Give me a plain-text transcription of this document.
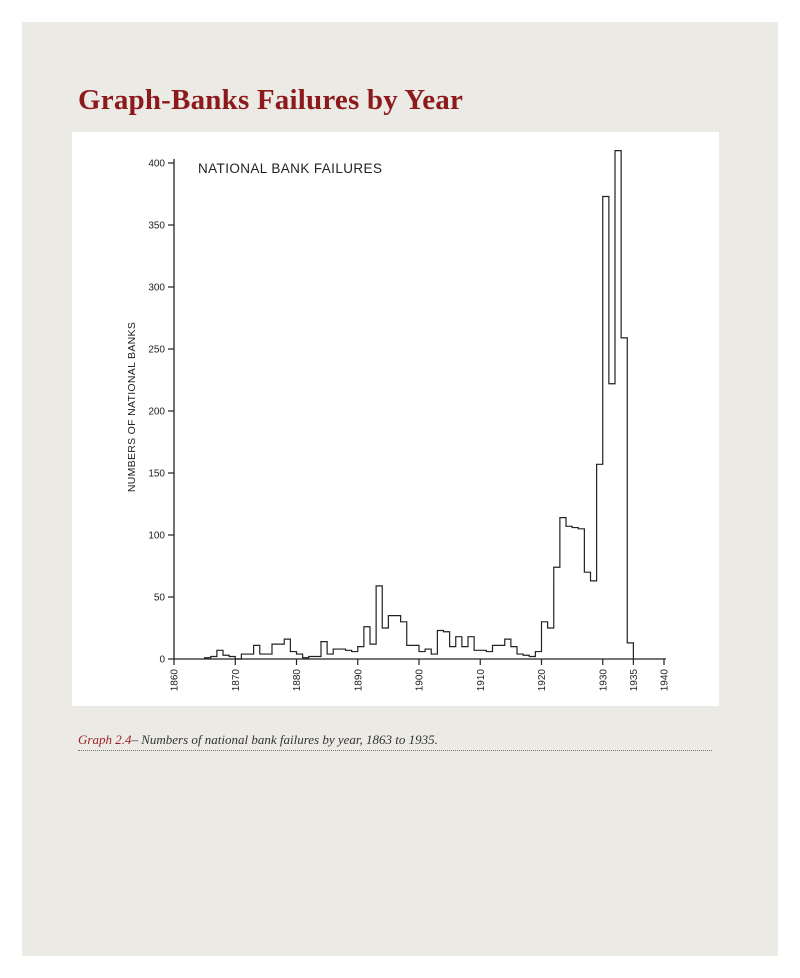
Graph-Banks Failures by Year
0
50
100
150
200
250
300
350
400
1860	1870	1880	1890	1900	1910	1920	1930 1935 1940
NATIONAL BANK FAILURES
NUMBERS OF NATIONAL BANKS
Graph 2.4– Numbers of national bank failures by year, 1863 to 1935.
